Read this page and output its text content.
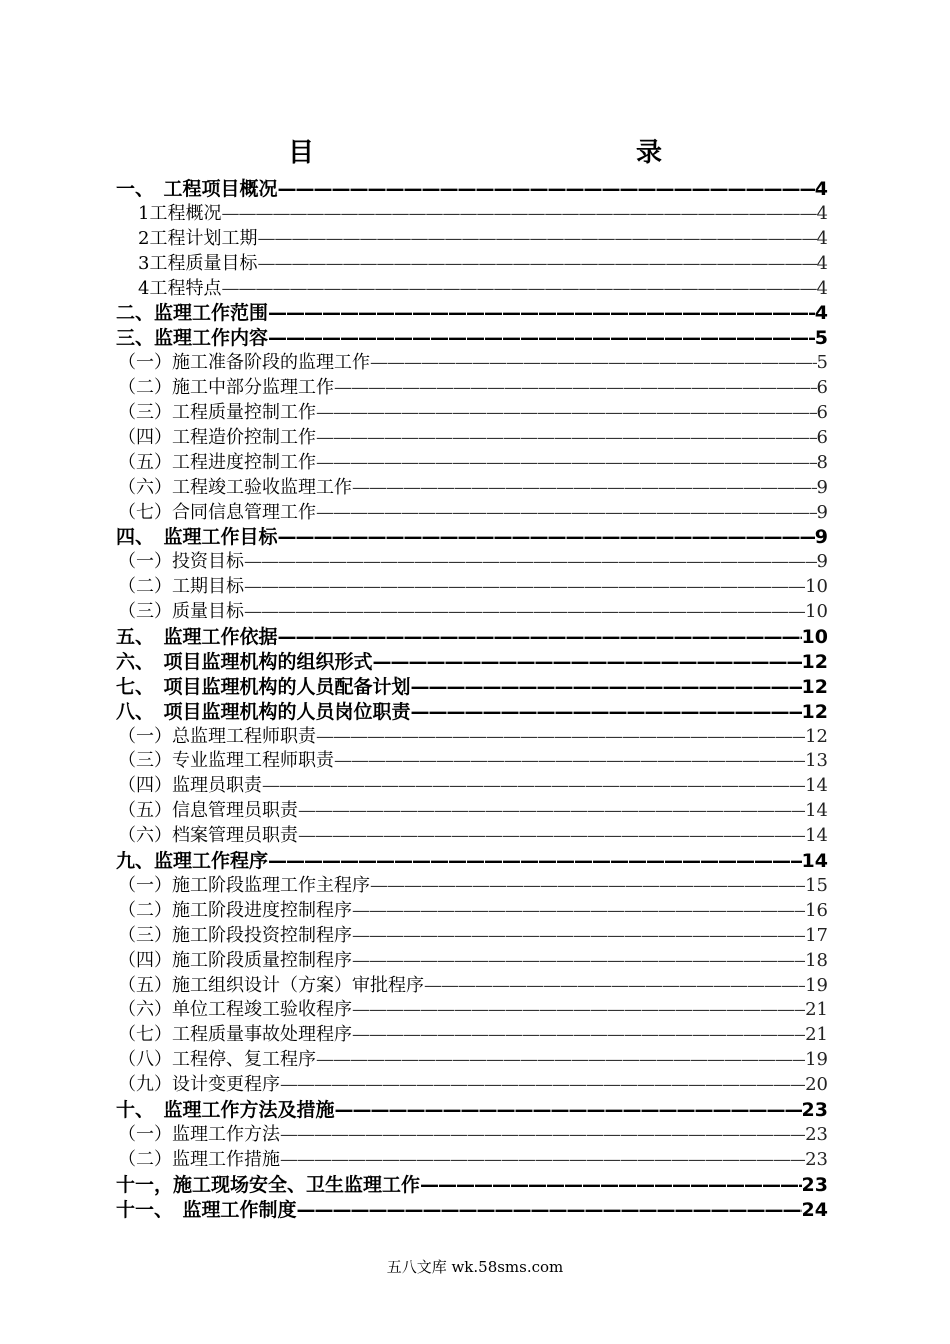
目　　录
一、　工程项目概况 —————	4
1工程概况 —————	4
2工程计划工期 —————	4
3工程质量目标 —————	4
4工程特点 —————	4
二、监理工作范围 —————	4
三、监理工作内容 —————	5
（一）施工准备阶段的监理工作 —————	5
（二）施工中部分监理工作 —————	6
（三）工程质量控制工作 —————	6
（四）工程造价控制工作 —————	6
（五）工程进度控制工作 —————	8
（六）工程竣工验收监理工作 —————	9
（七）合同信息管理工作 —————	9
四、　监理工作目标 —————	9
（一）投资目标 —————	9
（二）工期目标 —————	10
（三）质量目标 —————	10
五、　监理工作依据 —————	10
六、　项目监理机构的组织形式 —————	12
七、　项目监理机构的人员配备计划 —————	12
八、　项目监理机构的人员岗位职责 —————	12
（一）总监理工程师职责 —————	12
（三）专业监理工程师职责 —————	13
（四）监理员职责 —————	14
（五）信息管理员职责 —————	14
（六）档案管理员职责 —————	14
九、监理工作程序 —————	14
（一）施工阶段监理工作主程序 —————	15
（二）施工阶段进度控制程序 —————	16
（三）施工阶段投资控制程序 —————	17
（四）施工阶段质量控制程序 —————	18
（五）施工组织设计（方案）审批程序 —————	19
（六）单位工程竣工验收程序 —————	21
（七）工程质量事故处理程序 —————	21
（八）工程停、复工程序 —————	19
（九）设计变更程序 —————	20
十、　监理工作方法及措施 —————	23
（一）监理工作方法 —————	23
（二）监理工作措施 —————	23
十一，施工现场安全、卫生监理工作 —————	23
十一、　监理工作制度 —————	24
五八文库 wk.58sms.com
